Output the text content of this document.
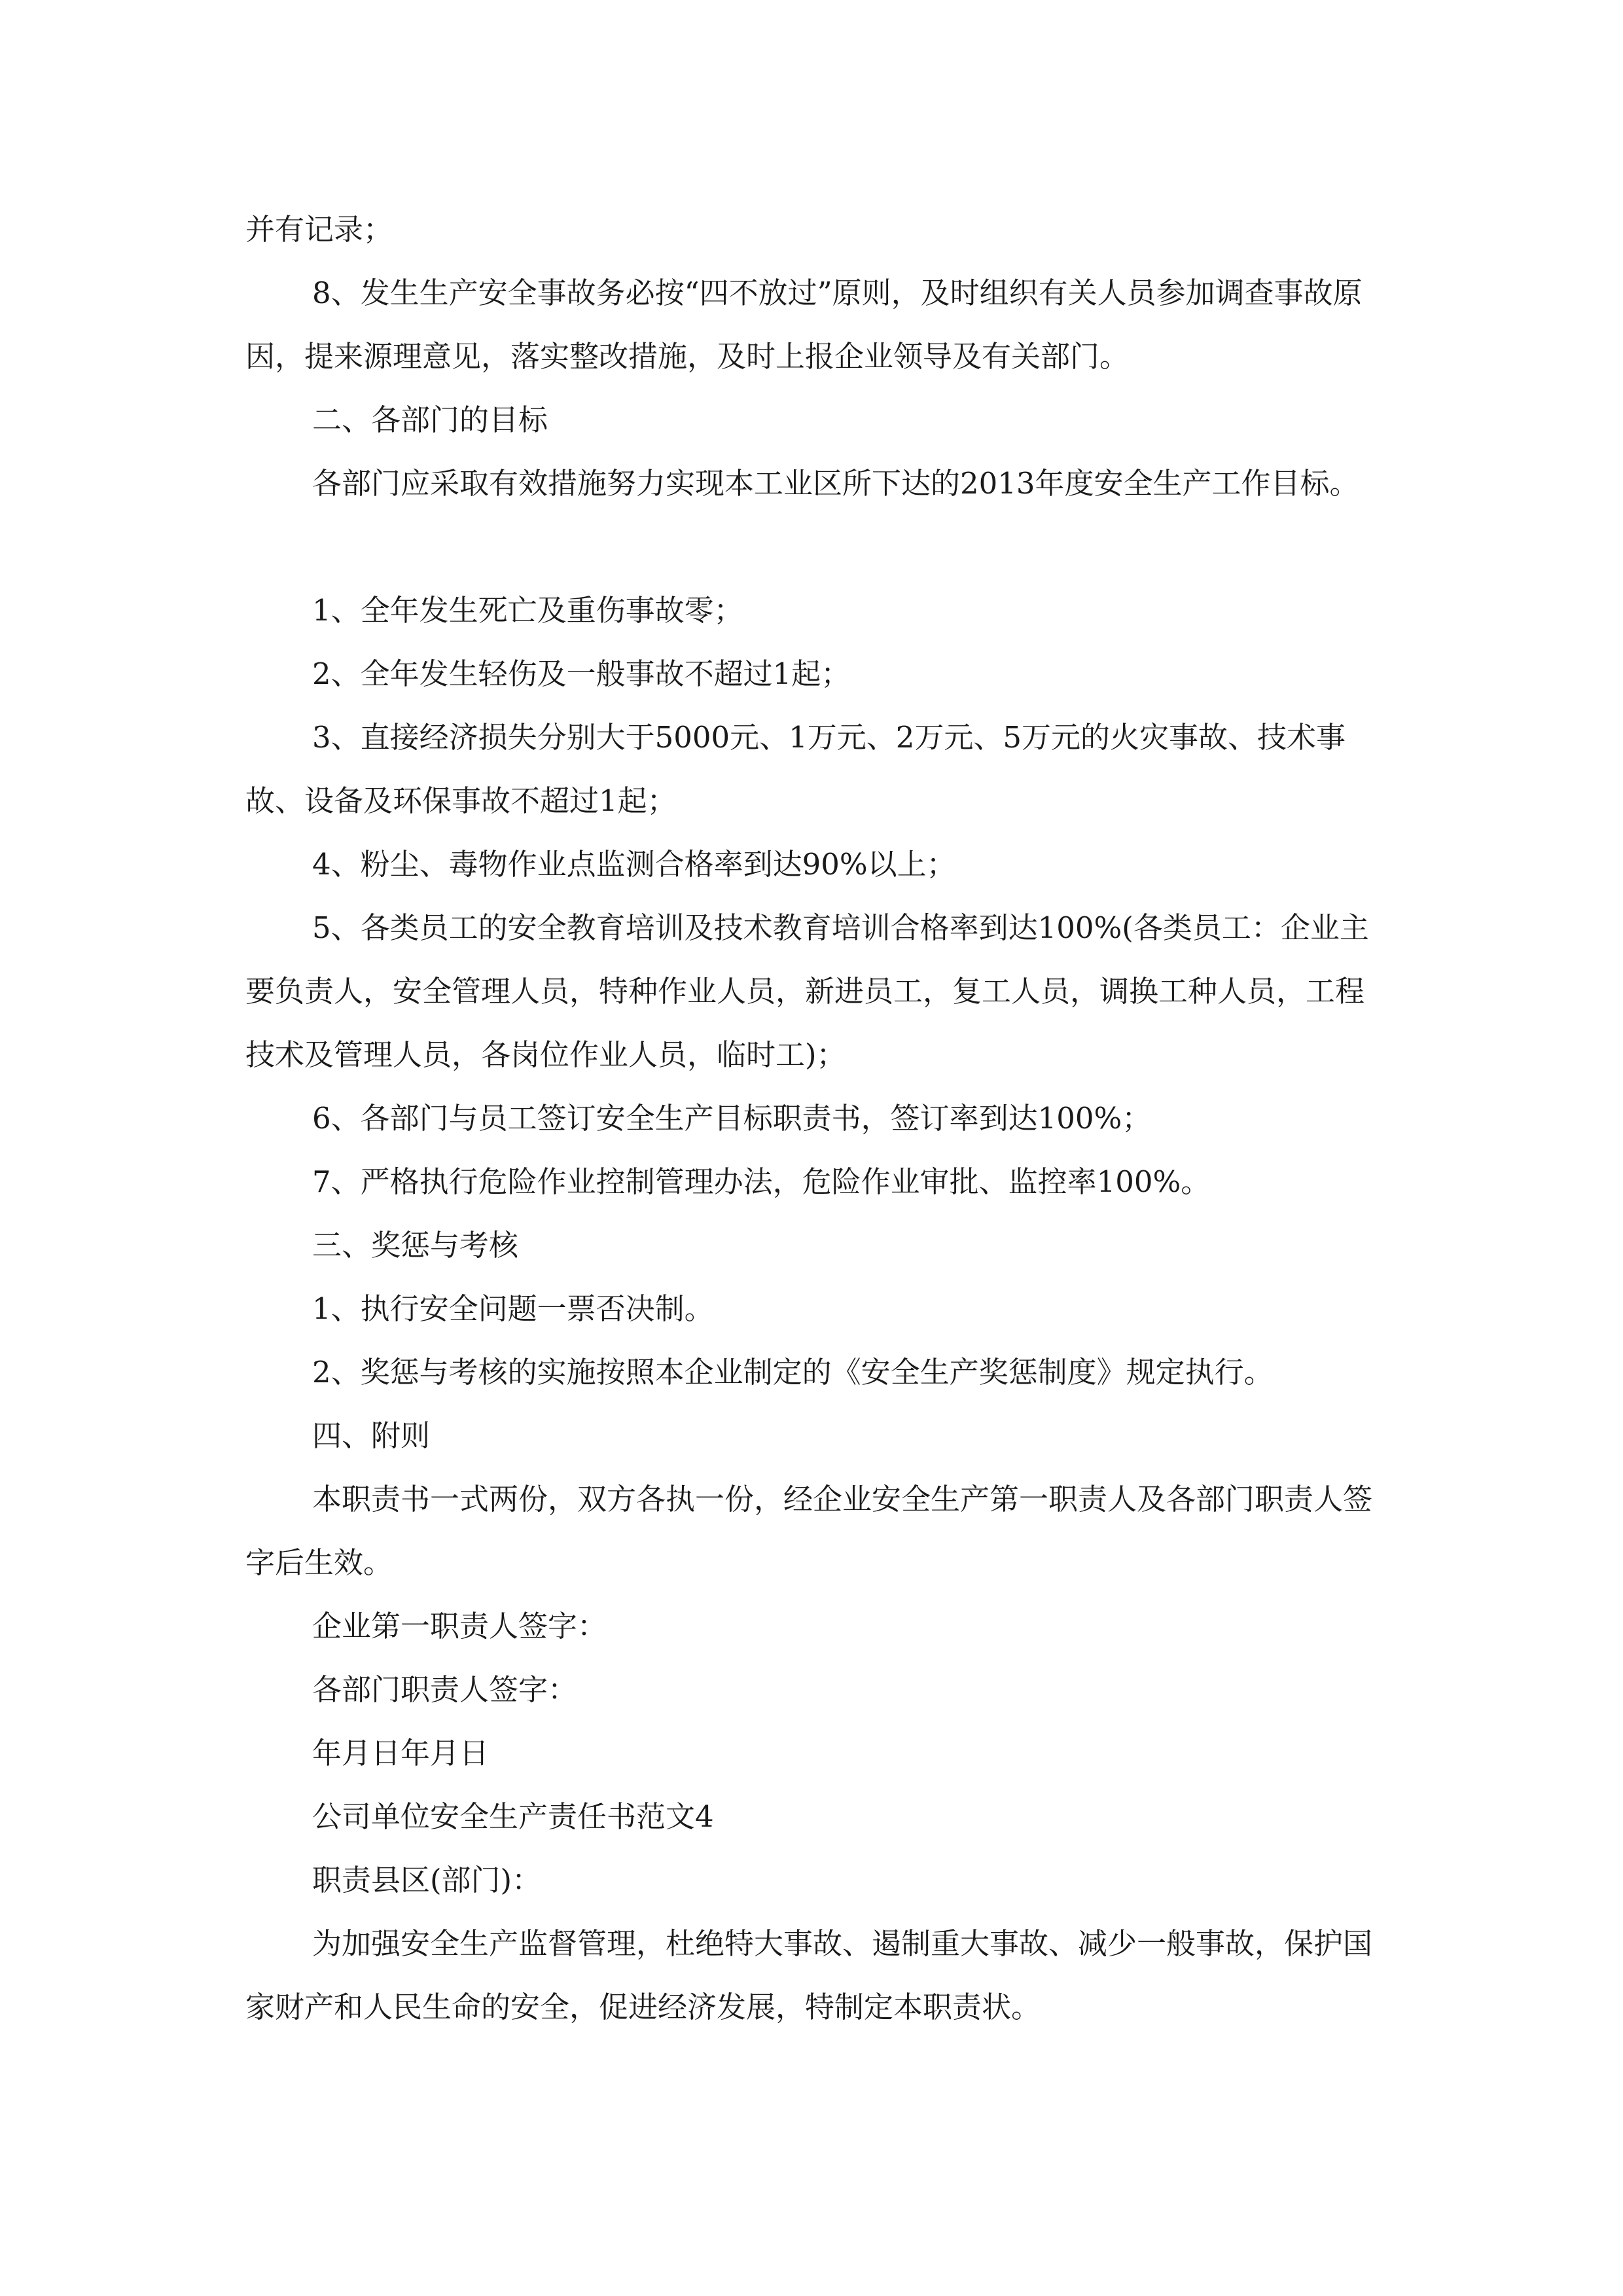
并有记录；

8、发生生产安全事故务必按“四不放过”原则，及时组织有关人员参加调查事故原因，提来源理意见，落实整改措施，及时上报企业领导及有关部门。

二、各部门的目标

各部门应采取有效措施努力实现本工业区所下达的2013年度安全生产工作目标。

1、全年发生死亡及重伤事故零；

2、全年发生轻伤及一般事故不超过1起；

3、直接经济损失分别大于5000元、1万元、2万元、5万元的火灾事故、技术事故、设备及环保事故不超过1起；

4、粉尘、毒物作业点监测合格率到达90%以上；

5、各类员工的安全教育培训及技术教育培训合格率到达100%(各类员工：企业主要负责人，安全管理人员，特种作业人员，新进员工，复工人员，调换工种人员，工程技术及管理人员，各岗位作业人员，临时工)；

6、各部门与员工签订安全生产目标职责书，签订率到达100%；

7、严格执行危险作业控制管理办法，危险作业审批、监控率100%。

三、奖惩与考核

1、执行安全问题一票否决制。

2、奖惩与考核的实施按照本企业制定的《安全生产奖惩制度》规定执行。

四、附则

本职责书一式两份，双方各执一份，经企业安全生产第一职责人及各部门职责人签字后生效。

企业第一职责人签字：

各部门职责人签字：

年月日年月日

公司单位安全生产责任书范文4

职责县区(部门)：

为加强安全生产监督管理，杜绝特大事故、遏制重大事故、减少一般事故，保护国家财产和人民生命的安全，促进经济发展，特制定本职责状。
